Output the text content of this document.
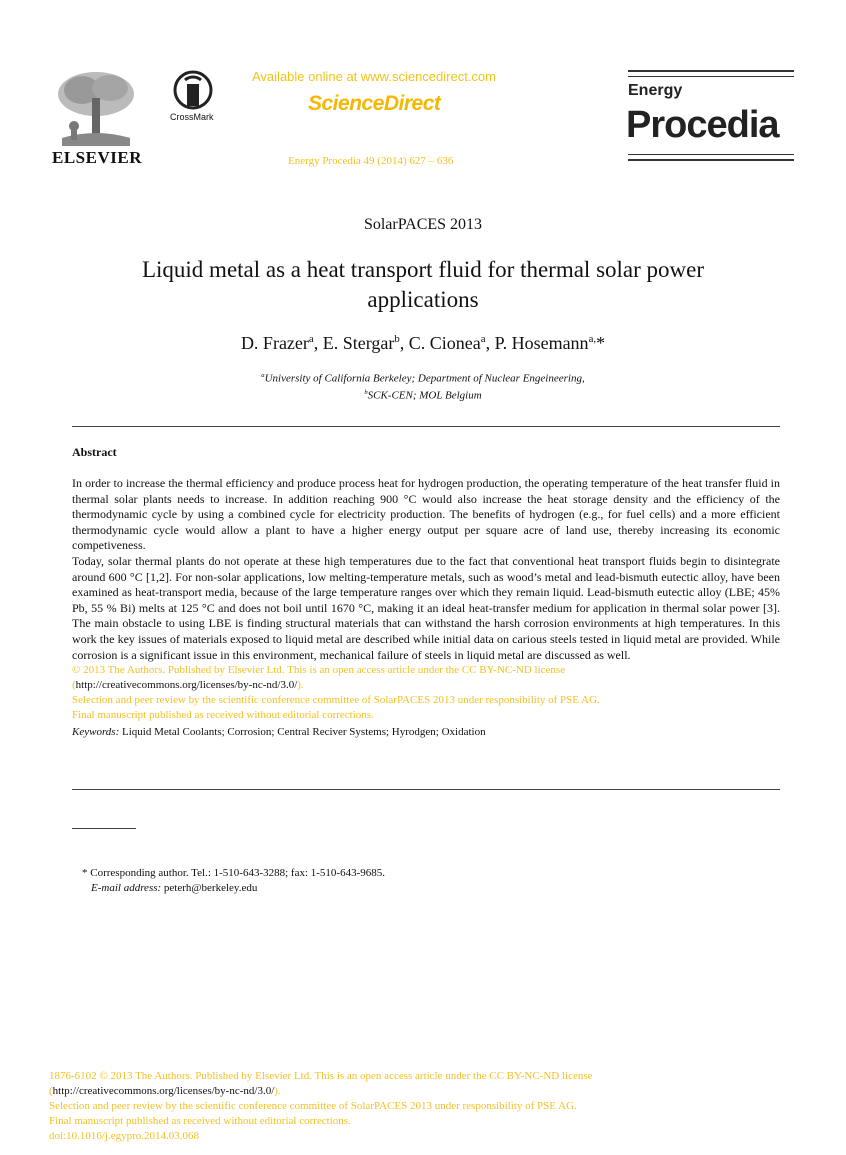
ELSEVIER
CrossMark
Available online at www.sciencedirect.com
ScienceDirect
Energy Procedia 49 (2014) 627 – 636
Energy
Procedia
SolarPACES 2013
Liquid metal as a heat transport fluid for thermal solar power
applications
D. Frazer$^a$, E. Stergar$^b$, C. Cionea$^a$, P. Hosemann$^{a,}$*
$^a$University of California Berkeley; Department of Nuclear Engeineering,
$^b$SCK-CEN; MOL Belgium
Abstract
In order to increase the thermal efficiency and produce process heat for hydrogen production, the operating temperature of the heat transfer fluid in thermal solar plants needs to increase. In addition reaching 900 °C would also increase the heat storage density and the efficiency of the thermodynamic cycle by using a combined cycle for electricity production. The benefits of hydrogen (e.g., for fuel cells) and a more efficient thermodynamic cycle would allow a plant to have a higher energy output per square acre of land use, thereby increasing its economic competiveness.
Today, solar thermal plants do not operate at these high temperatures due to the fact that conventional heat transport fluids begin to disintegrate around 600 °C [1,2]. For non-solar applications, low melting-temperature metals, such as wood’s metal and lead-bismuth eutectic alloy, have been examined as heat-transport media, because of the large temperature ranges over which they remain liquid. Lead-bismuth eutectic alloy (LBE; 45% Pb, 55 % Bi) melts at 125 °C and does not boil until 1670 °C, making it an ideal heat-transfer medium for application in thermal solar power [3]. The main obstacle to using LBE is finding structural materials that can withstand the harsh corrosion environments at high temperatures. In this work the key issues of materials exposed to liquid metal are described while initial data on carious steels tested in liquid metal are provided. While corrosion is a significant issue in this environment, mechanical failure of steels in liquid metal are discussed as well.
© 2013 The Authors. Published by Elsevier Ltd. This is an open access article under the CC BY-NC-ND license
(http://creativecommons.org/licenses/by-nc-nd/3.0/).
Selection and peer review by the scientific conference committee of SolarPACES 2013 under responsibility of PSE AG.
Final manuscript published as received without editorial corrections.
Keywords: Liquid Metal Coolants; Corrosion; Central Reciver Systems; Hyrodgen; Oxidation
* Corresponding author. Tel.: 1-510-643-3288; fax: 1-510-643-9685.
E-mail address: peterh@berkeley.edu
1876-6102 © 2013 The Authors. Published by Elsevier Ltd. This is an open access article under the CC BY-NC-ND license
(http://creativecommons.org/licenses/by-nc-nd/3.0/).
Selection and peer review by the scientific conference committee of SolarPACES 2013 under responsibility of PSE AG.
Final manuscript published as received without editorial corrections.
doi:10.1016/j.egypro.2014.03.068
